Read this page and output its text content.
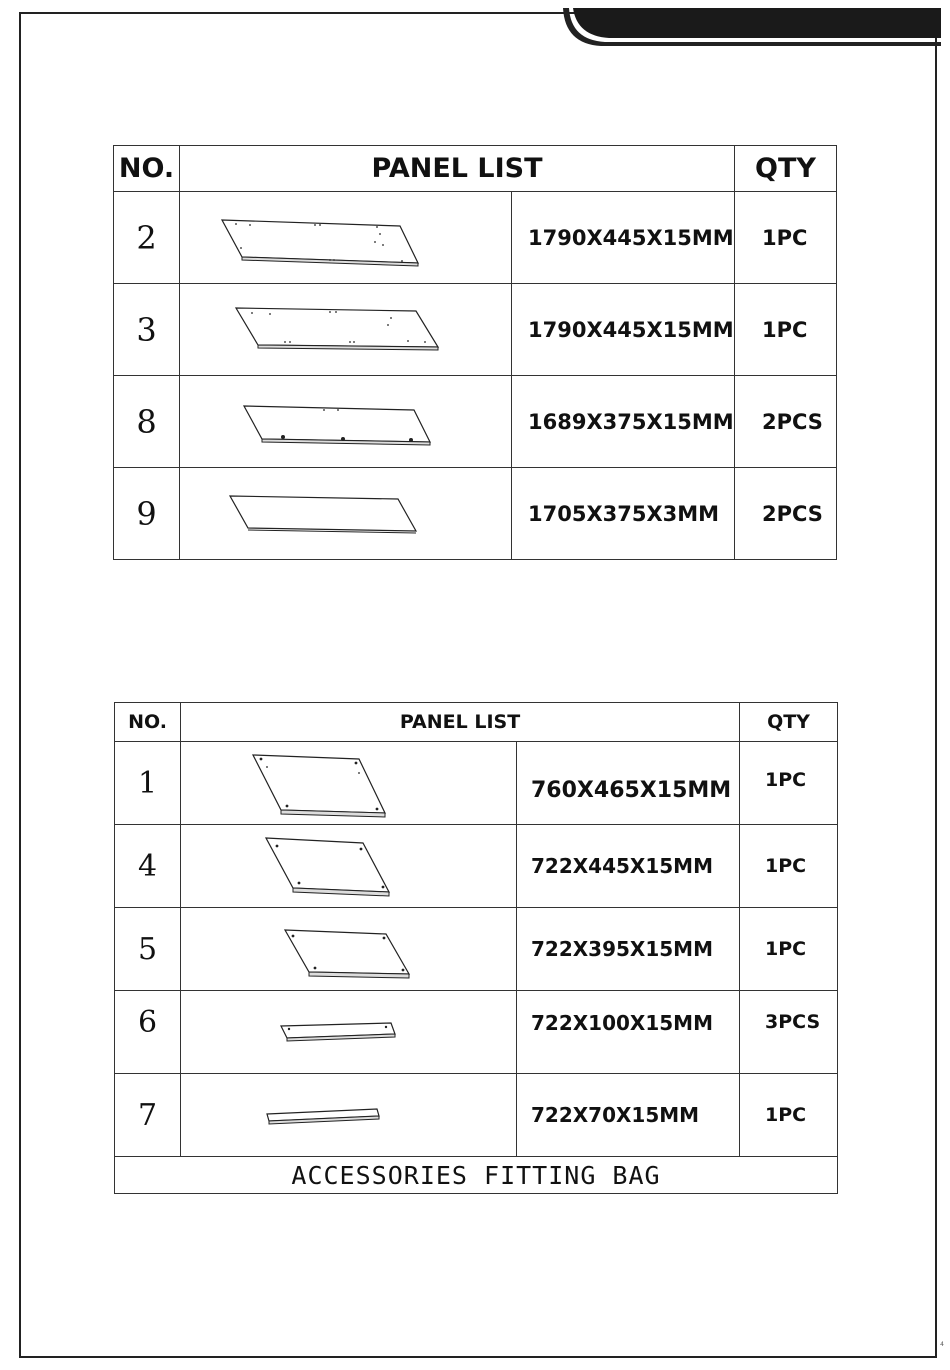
NO.	PANEL LIST		QTY
2		1790X445X15MM	1PC
3		1790X445X15MM	1PC
8		1689X375X15MM	2PCS
9		1705X375X3MM	2PCS
NO.	PANEL LIST		QTY
1		760X465X15MM	1PC
4		722X445X15MM	1PC
5		722X395X15MM	1PC
6		722X100X15MM	3PCS
7		722X70X15MM	1PC
ACCESSORIES FITTING BAG			
4
